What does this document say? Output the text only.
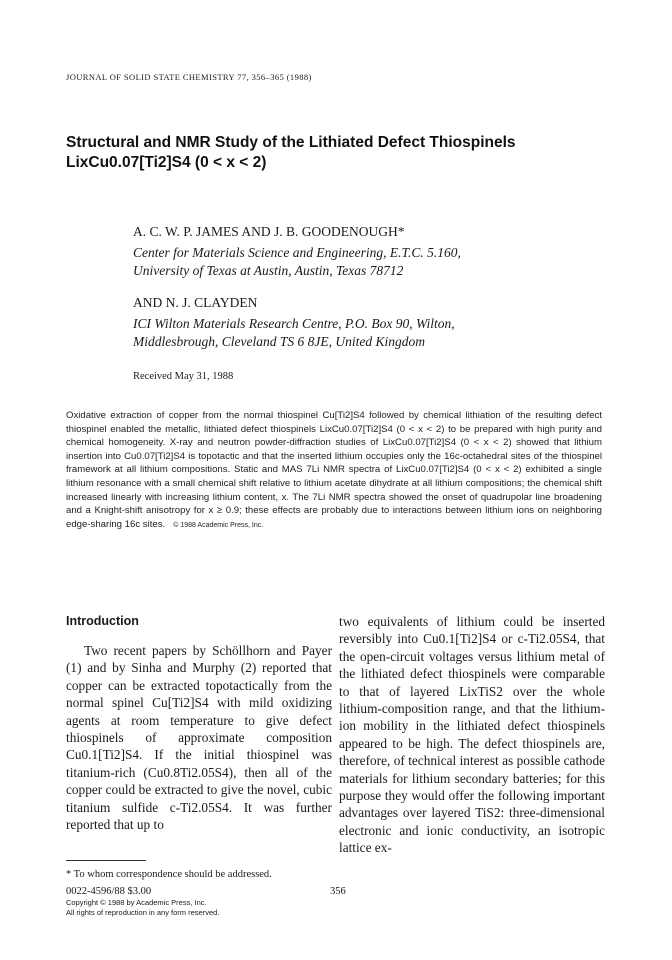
JOURNAL OF SOLID STATE CHEMISTRY 77, 356–365 (1988)
Structural and NMR Study of the Lithiated Defect Thiospinels
LixCu0.07[Ti2]S4 (0 < x < 2)
A. C. W. P. JAMES AND J. B. GOODENOUGH*
Center for Materials Science and Engineering, E.T.C. 5.160,
University of Texas at Austin, Austin, Texas 78712
AND N. J. CLAYDEN
ICI Wilton Materials Research Centre, P.O. Box 90, Wilton,
Middlesbrough, Cleveland TS 6 8JE, United Kingdom
Received May 31, 1988
Oxidative extraction of copper from the normal thiospinel Cu[Ti2]S4 followed by chemical lithiation of the resulting defect thiospinel enabled the metallic, lithiated defect thiospinels LixCu0.07[Ti2]S4 (0 < x < 2) to be prepared with high purity and chemical homogeneity. X-ray and neutron powder-diffraction studies of LixCu0.07[Ti2]S4 (0 < x < 2) showed that lithium insertion into Cu0.07[Ti2]S4 is topotactic and that the inserted lithium occupies only the 16c-octahedral sites of the thiospinel framework at all lithium compositions. Static and MAS 7Li NMR spectra of LixCu0.07[Ti2]S4 (0 < x < 2) exhibited a single lithium resonance with a small chemical shift relative to lithium acetate dihydrate at all lithium compositions; the chemical shift increased linearly with increasing lithium content, x. The 7Li NMR spectra showed the onset of quadrupolar line broadening and a Knight-shift anisotropy for x ≥ 0.9; these effects are probably due to interactions between lithium ions on neighboring edge-sharing 16c sites. © 1988 Academic Press, Inc.
Introduction

Two recent papers by Schöllhorn and Payer (1) and by Sinha and Murphy (2) reported that copper can be extracted topotactically from the normal spinel Cu[Ti2]S4 with mild oxidizing agents at room temperature to give defect thiospinels of approximate composition Cu0.1[Ti2]S4. If the initial thiospinel was titanium-rich (Cu0.8Ti2.05S4), then all of the copper could be extracted to give the novel, cubic titanium sulfide c-Ti2.05S4. It was further reported that up to

two equivalents of lithium could be inserted reversibly into Cu0.1[Ti2]S4 or c-Ti2.05S4, that the open-circuit voltages versus lithium metal of the lithiated defect thiospinels were comparable to that of layered LixTiS2 over the whole lithium-composition range, and that the lithium-ion mobility in the lithiated defect thiospinels appeared to be high. The defect thiospinels are, therefore, of technical interest as possible cathode materials for lithium secondary batteries; for this purpose they would offer the following important advantages over layered TiS2: three-dimensional electronic and ionic conductivity, an isotropic lattice ex-

* To whom correspondence should be addressed.
0022-4596/88 $3.00
Copyright © 1988 by Academic Press, Inc.
All rights of reproduction in any form reserved.
356
